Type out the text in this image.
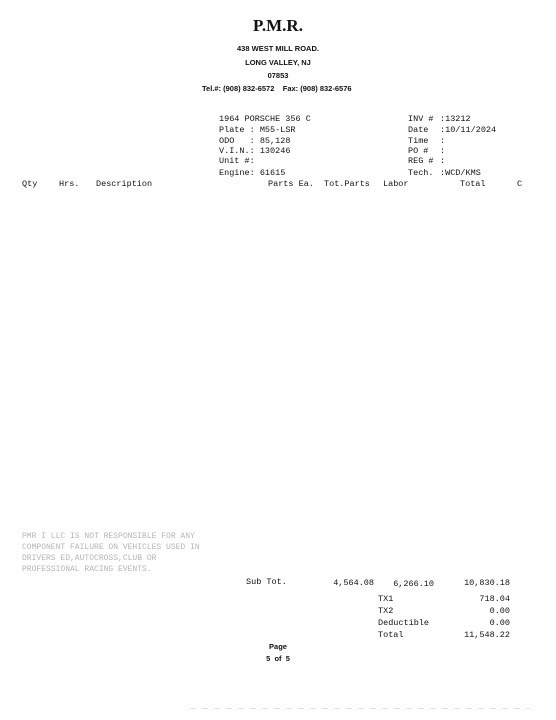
P.M.R.
438 WEST MILL ROAD.
LONG VALLEY, NJ
07853
Tel.#: (908) 832-6572    Fax: (908) 832-6576
1964 PORSCHE 356 C
Plate : M55-LSR
ODO   : 85,128
V.I.N.: 130246
Unit #:
Engine: 61615
INV # :13212
Date :10/11/2024
Time :
PO # :
REG # :
Tech. :WCD/KMS
Qty	Hrs. Description	Parts Ea. Tot.Parts Labor	Total	C
PMR I LLC IS NOT RESPONSIBLE FOR ANY
COMPONENT FAILURE ON VEHICLES USED IN
DRIVERS ED,AUTOCROSS,CLUB OR
PROFESSIONAL RACING EVENTS.
Sub Tot.	4,564.08	6,266.10	10,830.18
TX1	718.04
TX2	0.00
Deductible	0.00
Total	11,548.22
Page
5  of  5
